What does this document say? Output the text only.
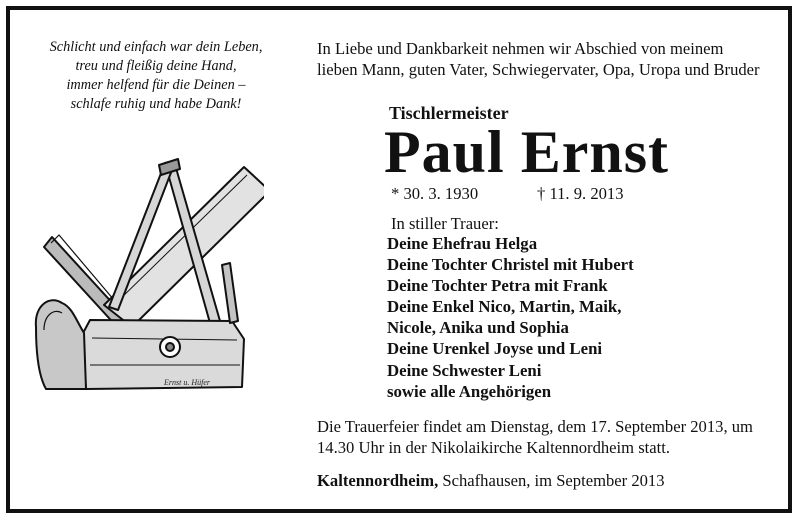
Schlicht und einfach war dein Leben,
treu und fleißig deine Hand,
immer helfend für die Deinen –
schlafe ruhig und habe Dank!
Ernst u. Hüfer
In Liebe und Dankbarkeit nehmen wir Abschied von meinem lieben Mann, guten Vater, Schwiegervater, Opa, Uropa und Bruder
Tischlermeister
Paul Ernst
* 30. 3. 1930	† 11. 9. 2013
In stiller Trauer:
Deine Ehefrau Helga
Deine Tochter Christel mit Hubert
Deine Tochter Petra mit Frank
Deine Enkel Nico, Martin, Maik,
Nicole, Anika und Sophia
Deine Urenkel Joyse und Leni
Deine Schwester Leni
sowie alle Angehörigen
Die Trauerfeier findet am Dienstag, dem 17. September 2013, um 14.30 Uhr in der Nikolaikirche Kaltennordheim statt.
Kaltennordheim, Schafhausen, im September 2013
